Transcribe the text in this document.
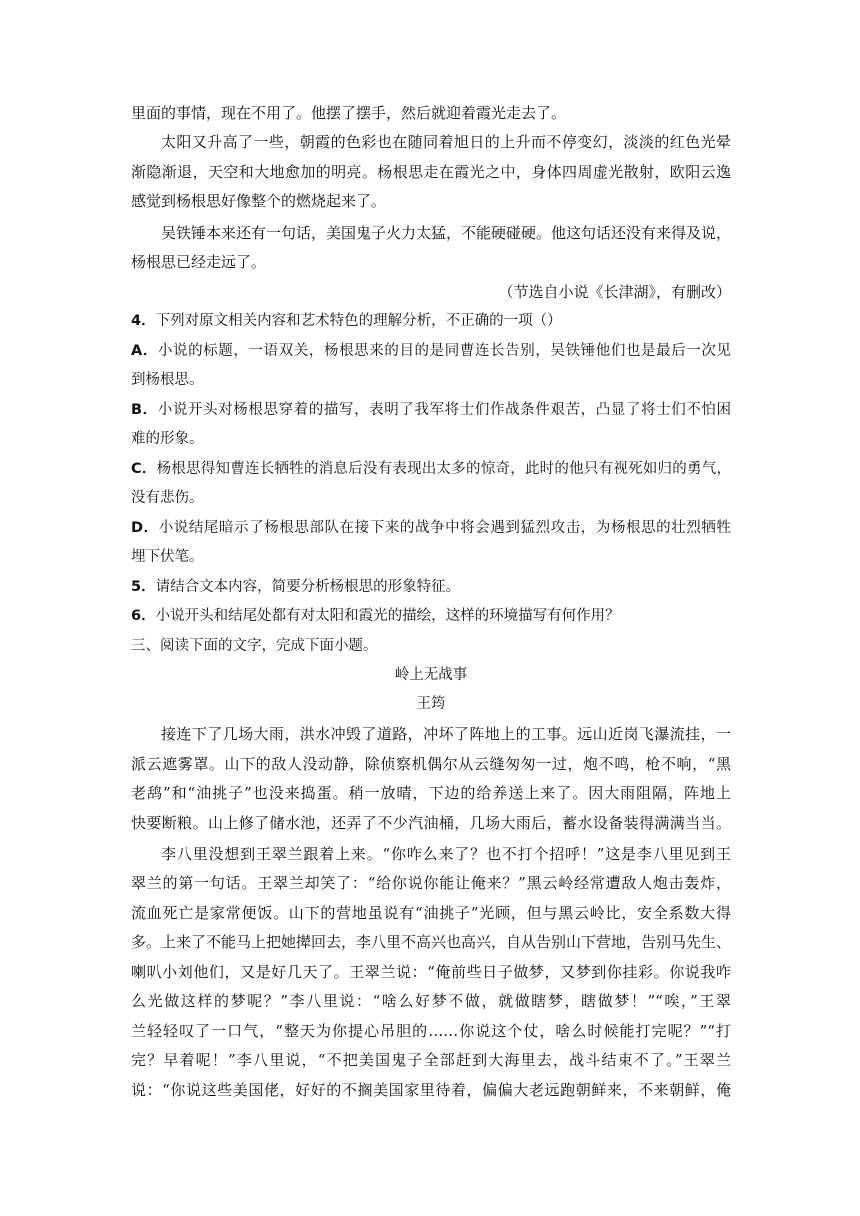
里面的事情，现在不用了。他摆了摆手，然后就迎着霞光走去了。
太阳又升高了一些，朝霞的色彩也在随同着旭日的上升而不停变幻，淡淡的红色光晕
渐隐渐退，天空和大地愈加的明亮。杨根思走在霞光之中，身体四周虚光散射，欧阳云逸
感觉到杨根思好像整个的燃烧起来了。
吴铁锤本来还有一句话，美国鬼子火力太猛，不能硬碰硬。他这句话还没有来得及说，
杨根思已经走远了。
（节选自小说《长津湖》，有删改）
4．下列对原文相关内容和艺术特色的理解分析，不正确的一项（）
A．小说的标题，一语双关，杨根思来的目的是同曹连长告别，吴铁锤他们也是最后一次见
到杨根思。
B．小说开头对杨根思穿着的描写，表明了我军将士们作战条件艰苦，凸显了将士们不怕困
难的形象。
C．杨根思得知曹连长牺牲的消息后没有表现出太多的惊奇，此时的他只有视死如归的勇气，
没有悲伤。
D．小说结尾暗示了杨根思部队在接下来的战争中将会遇到猛烈攻击，为杨根思的壮烈牺牲
埋下伏笔。
5．请结合文本内容，简要分析杨根思的形象特征。
6．小说开头和结尾处都有对太阳和霞光的描绘，这样的环境描写有何作用？
三、阅读下面的文字，完成下面小题。
岭上无战事
王筠
接连下了几场大雨，洪水冲毁了道路，冲坏了阵地上的工事。远山近岗飞瀑流挂，一
派云遮雾罩。山下的敌人没动静，除侦察机偶尔从云缝匆匆一过，炮不鸣，枪不响，“黑
老鸹”和“油挑子”也没来捣蛋。稍一放晴，下边的给养送上来了。因大雨阻隔，阵地上
快要断粮。山上修了储水池，还弄了不少汽油桶，几场大雨后，蓄水设备装得满满当当。
李八里没想到王翠兰跟着上来。“你咋么来了？也不打个招呼！”这是李八里见到王
翠兰的第一句话。王翠兰却笑了：“给你说你能让俺来？”黑云岭经常遭敌人炮击轰炸，
流血死亡是家常便饭。山下的营地虽说有“油挑子”光顾，但与黑云岭比，安全系数大得
多。上来了不能马上把她撵回去，李八里不高兴也高兴，自从告别山下营地，告别马先生、
喇叭小刘他们，又是好几天了。王翠兰说：“俺前些日子做梦，又梦到你挂彩。你说我咋
么光做这样的梦呢？”李八里说：“啥么好梦不做，就做瞎梦，瞎做梦！”“唉，”王翠
兰轻轻叹了一口气，“整天为你提心吊胆的……你说这个仗，啥么时候能打完呢？”“打
完？早着呢！”李八里说，“不把美国鬼子全部赶到大海里去，战斗结束不了。”王翠兰
说：“你说这些美国佬，好好的不搁美国家里待着，偏偏大老远跑朝鲜来，不来朝鲜，俺
